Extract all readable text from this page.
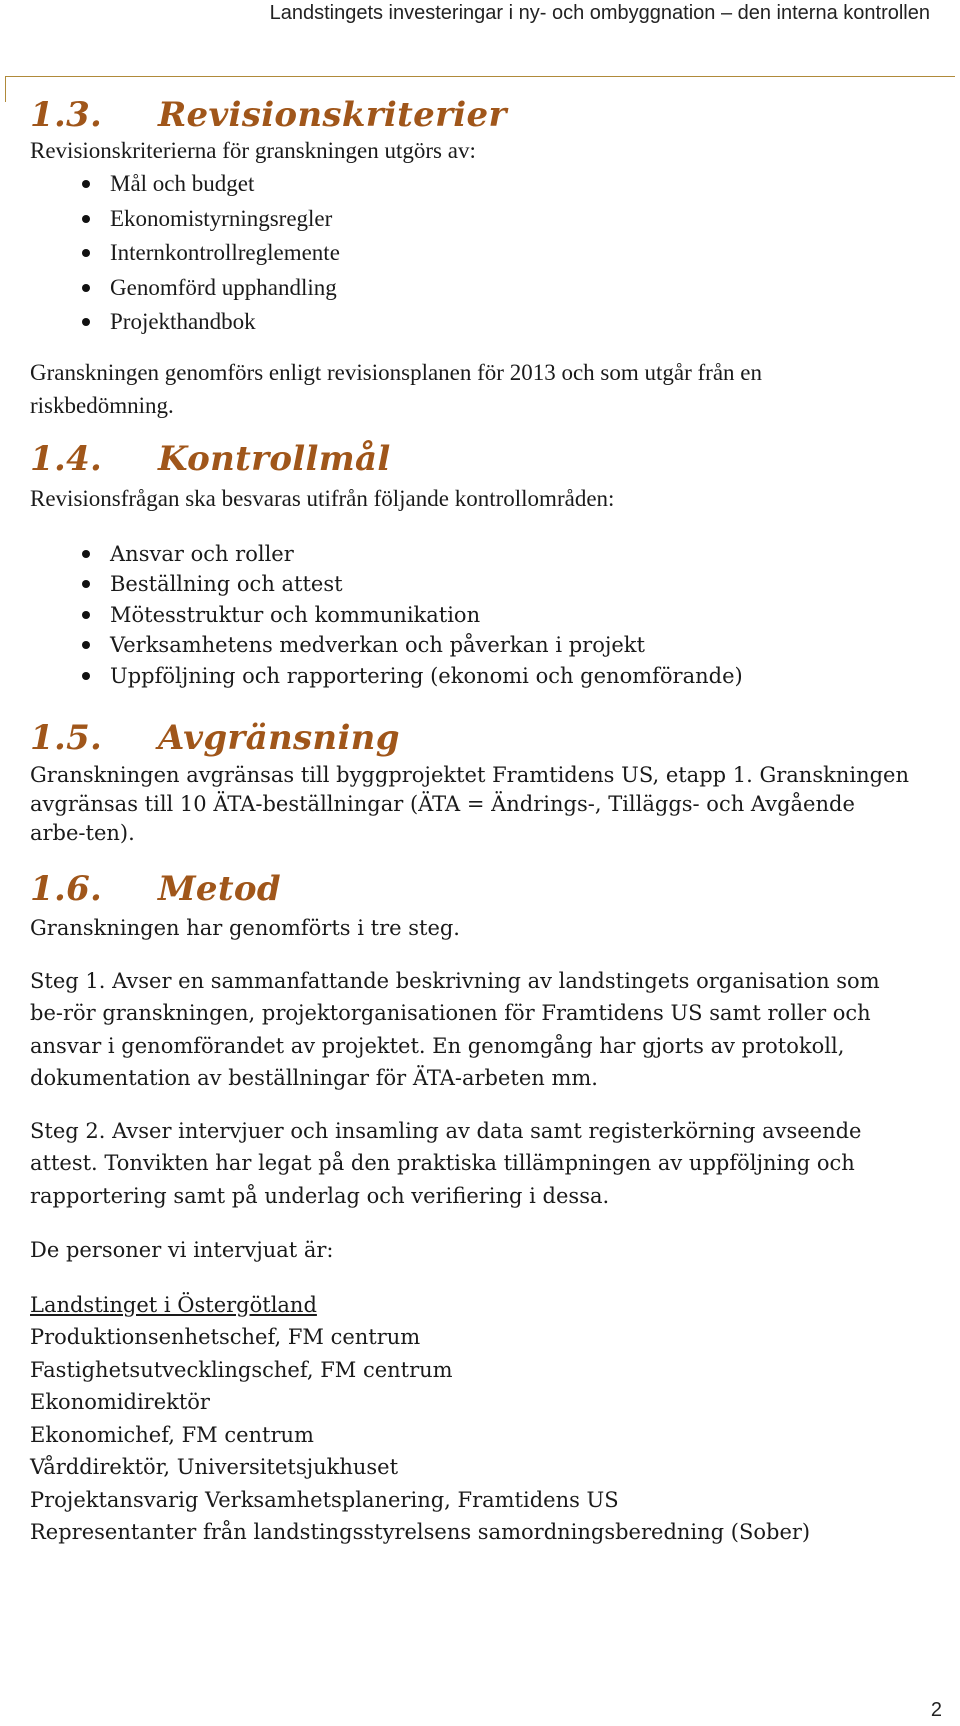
Landstingets investeringar i ny- och ombyggnation – den interna kontrollen
1.3.	Revisionskriterier

Revisionskriterierna för granskningen utgörs av:

Mål och budget
Ekonomistyrningsregler
Internkontrollreglemente
Genomförd upphandling
Projekthandbok

Granskningen genomförs enligt revisionsplanen för 2013 och som utgår från en riskbedömning.

1.4.	Kontrollmål

Revisionsfrågan ska besvaras utifrån följande kontrollområden:

Ansvar och roller
Beställning och attest
Mötesstruktur och kommunikation
Verksamhetens medverkan och påverkan i projekt
Uppföljning och rapportering (ekonomi och genomförande)
1.5.	Avgränsning

Granskningen avgränsas till byggprojektet Framtidens US, etapp 1. Granskningen avgränsas till 10 ÄTA-beställningar (ÄTA = Ändrings-, Tilläggs- och Avgående arbe-ten).

1.6.	Metod

Granskningen har genomförts i tre steg.

Steg 1. Avser en sammanfattande beskrivning av landstingets organisation som be-rör granskningen, projektorganisationen för Framtidens US samt roller och ansvar i genomförandet av projektet. En genomgång har gjorts av protokoll, dokumentation av beställningar för ÄTA-arbeten mm.

Steg 2. Avser intervjuer och insamling av data samt registerkörning avseende attest. Tonvikten har legat på den praktiska tillämpningen av uppföljning och rapportering samt på underlag och verifiering i dessa.

De personer vi intervjuat är:

Landstinget i Östergötland

Produktionsenhetschef, FM centrum

Fastighetsutvecklingschef, FM centrum

Ekonomidirektör

Ekonomichef, FM centrum

Vårddirektör, Universitetsjukhuset

Projektansvarig Verksamhetsplanering, Framtidens US

Representanter från landstingsstyrelsens samordningsberedning (Sober)

2
